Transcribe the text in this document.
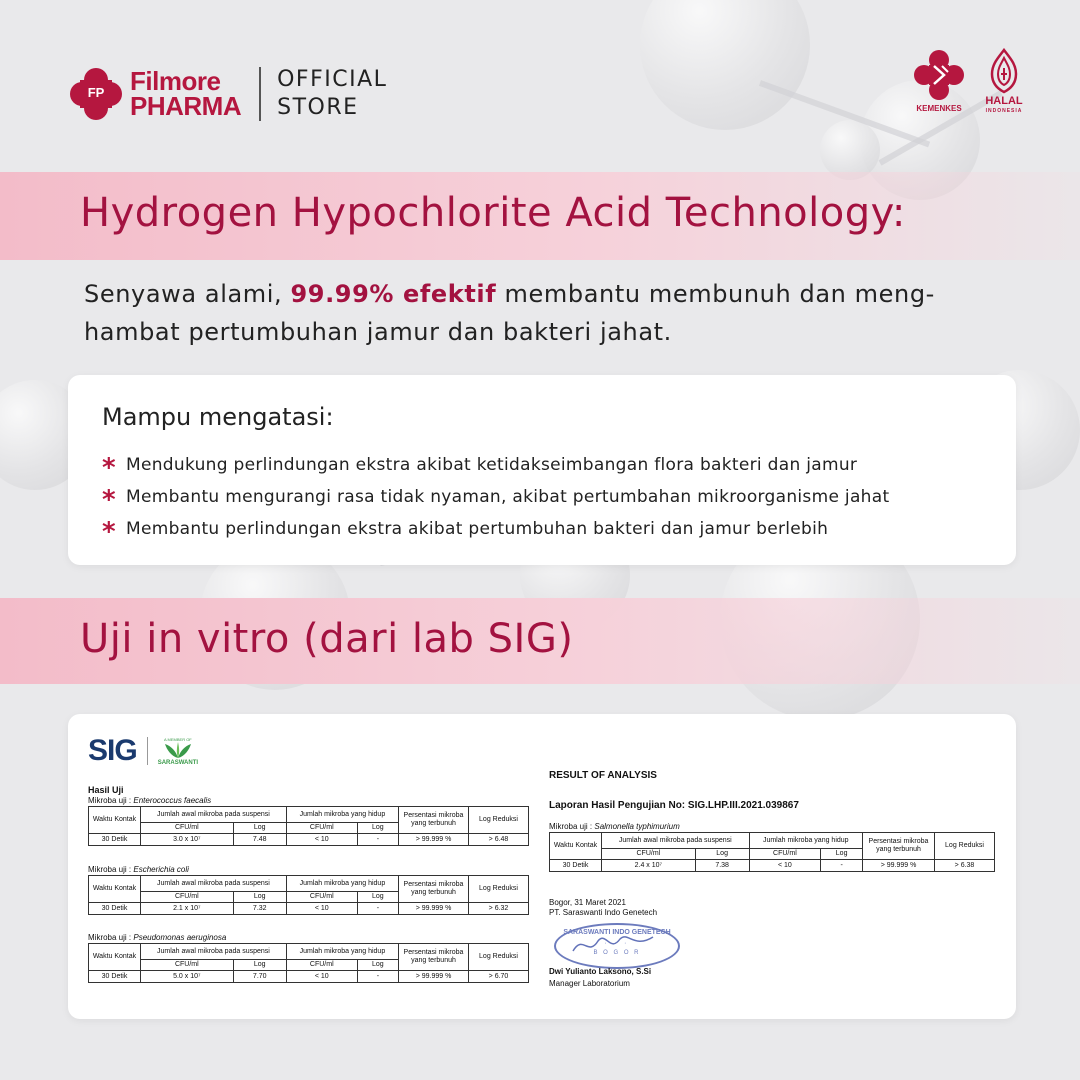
FP Filmore
PHARMA
OFFICIAL
STORE	KEMENKES
HALAL
INDONESIA
Hydrogen Hypochlorite Acid Technology:

Senyawa alami, 99.99% efektif membantu membunuh dan meng-hambat pertumbuhan jamur dan bakteri jahat.

Mampu mengatasi:
* Mendukung perlindungan ekstra akibat ketidakseimbangan flora bakteri dan jamur
* Membantu mengurangi rasa tidak nyaman, akibat pertumbahan mikroorganisme jahat
* Membantu perlindungan ekstra akibat pertumbuhan bakteri dan jamur berlebih
Uji in vitro (dari lab SIG)
SIG	A MEMBER OF
SARASWANTI
Hasil Uji
Mikroba uji : Enterococcus faecalis
Waktu Kontak	Jumlah awal mikroba pada suspensi		Jumlah mikroba yang hidup		Persentasi mikroba yang terbunuh	Log Reduksi
	CFU/ml	Log	CFU/ml	Log		
30 Detik	3.0 x 10⁷	7.48	< 10	-	> 99.999 %	> 6.48
Mikroba uji : Escherichia coli
Waktu Kontak	Jumlah awal mikroba pada suspensi		Jumlah mikroba yang hidup		Persentasi mikroba yang terbunuh	Log Reduksi
	CFU/ml	Log	CFU/ml	Log		
30 Detik	2.1 x 10⁷	7.32	< 10	-	> 99.999 %	> 6.32
Mikroba uji : Pseudomonas aeruginosa
Waktu Kontak	Jumlah awal mikroba pada suspensi		Jumlah mikroba yang hidup		Persentasi mikroba yang terbunuh	Log Reduksi
	CFU/ml	Log	CFU/ml	Log		
30 Detik	5.0 x 10⁷	7.70	< 10	-	> 99.999 %	> 6.70
RESULT OF ANALYSIS
Laporan Hasil Pengujian No: SIG.LHP.III.2021.039867
Mikroba uji : Salmonella typhimurium
Waktu Kontak	Jumlah awal mikroba pada suspensi		Jumlah mikroba yang hidup		Persentasi mikroba yang terbunuh	Log Reduksi
	CFU/ml	Log	CFU/ml	Log		
30 Detik	2.4 x 10⁷	7.38	< 10	-	> 99.999 %	> 6.38
Bogor, 31 Maret 2021
PT. Saraswanti Indo Genetech
SARASWANTI INDO GENETECH
∙ ∙ ∙
B O G O R
Dwi Yulianto Laksono, S.Si
Manager Laboratorium
